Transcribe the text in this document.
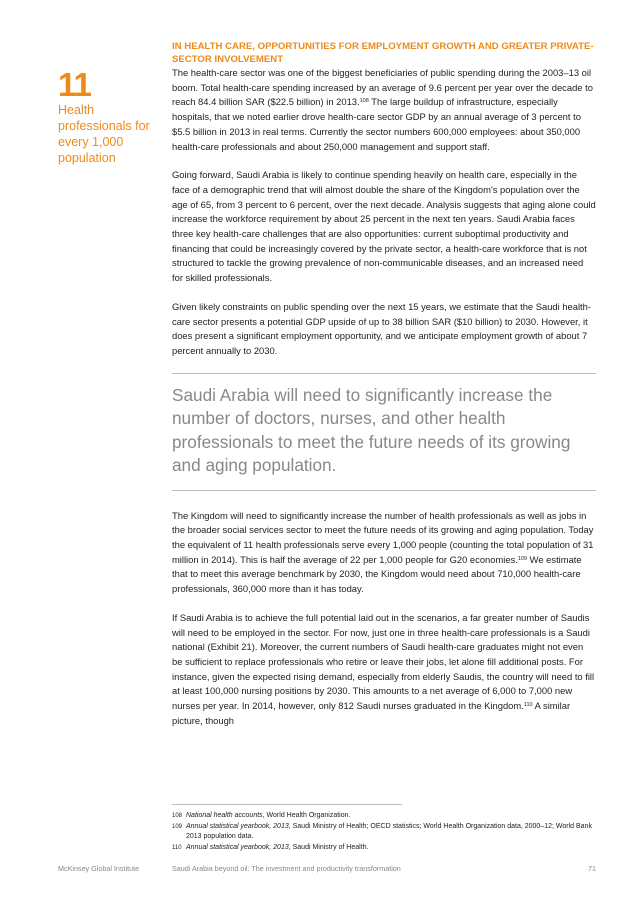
11
Health professionals for every 1,000 population
IN HEALTH CARE, OPPORTUNITIES FOR EMPLOYMENT GROWTH AND GREATER PRIVATE-SECTOR INVOLVEMENT

The health-care sector was one of the biggest beneficiaries of public spending during the 2003–13 oil boom. Total health-care spending increased by an average of 9.6 percent per year over the decade to reach 84.4 billion SAR ($22.5 billion) in 2013.$^{108}$ The large buildup of infrastructure, especially hospitals, that we noted earlier drove health-care sector GDP by an annual average of 3 percent to $5.5 billion in 2013 in real terms. Currently the sector numbers 600,000 employees: about 350,000 health-care professionals and about 250,000 management and support staff.

Going forward, Saudi Arabia is likely to continue spending heavily on health care, especially in the face of a demographic trend that will almost double the share of the Kingdom's population over the age of 65, from 3 percent to 6 percent, over the next decade. Analysis suggests that aging alone could increase the workforce requirement by about 25 percent in the next ten years. Saudi Arabia faces three key health-care challenges that are also opportunities: current suboptimal productivity and financing that could be increasingly covered by the private sector, a health-care workforce that is not structured to tackle the growing prevalence of non-communicable diseases, and an increased need for skilled professionals.

Given likely constraints on public spending over the next 15 years, we estimate that the Saudi health-care sector presents a potential GDP upside of up to 38 billion SAR ($10 billion) to 2030. However, it does present a significant employment opportunity, and we anticipate employment growth of about 7 percent annually to 2030.

Saudi Arabia will need to significantly increase the number of doctors, nurses, and other health professionals to meet the future needs of its growing and aging population.

The Kingdom will need to significantly increase the number of health professionals as well as jobs in the broader social services sector to meet the future needs of its growing and aging population. Today the equivalent of 11 health professionals serve every 1,000 people (counting the total population of 31 million in 2014). This is half the average of 22 per 1,000 people for G20 economies.$^{109}$ We estimate that to meet this average benchmark by 2030, the Kingdom would need about 710,000 health-care professionals, 360,000 more than it has today.

If Saudi Arabia is to achieve the full potential laid out in the scenarios, a far greater number of Saudis will need to be employed in the sector. For now, just one in three health-care professionals is a Saudi national (Exhibit 21). Moreover, the current numbers of Saudi health-care graduates might not even be sufficient to replace professionals who retire or leave their jobs, let alone fill additional posts. For instance, given the expected rising demand, especially from elderly Saudis, the country will need to fill at least 100,000 nursing positions by 2030. This amounts to a net average of 6,000 to 7,000 new nurses per year. In 2014, however, only 812 Saudi nurses graduated in the Kingdom.$^{110}$ A similar picture, though

108 National health accounts, World Health Organization.
109 Annual statistical yearbook, 2013, Saudi Ministry of Health; OECD statistics; World Health Organization data, 2000–12; World Bank 2013 population data.
110 Annual statistical yearbook, 2013, Saudi Ministry of Health.
McKinsey Global Institute	Saudi Arabia beyond oil: The investment and productivity transformation	71
